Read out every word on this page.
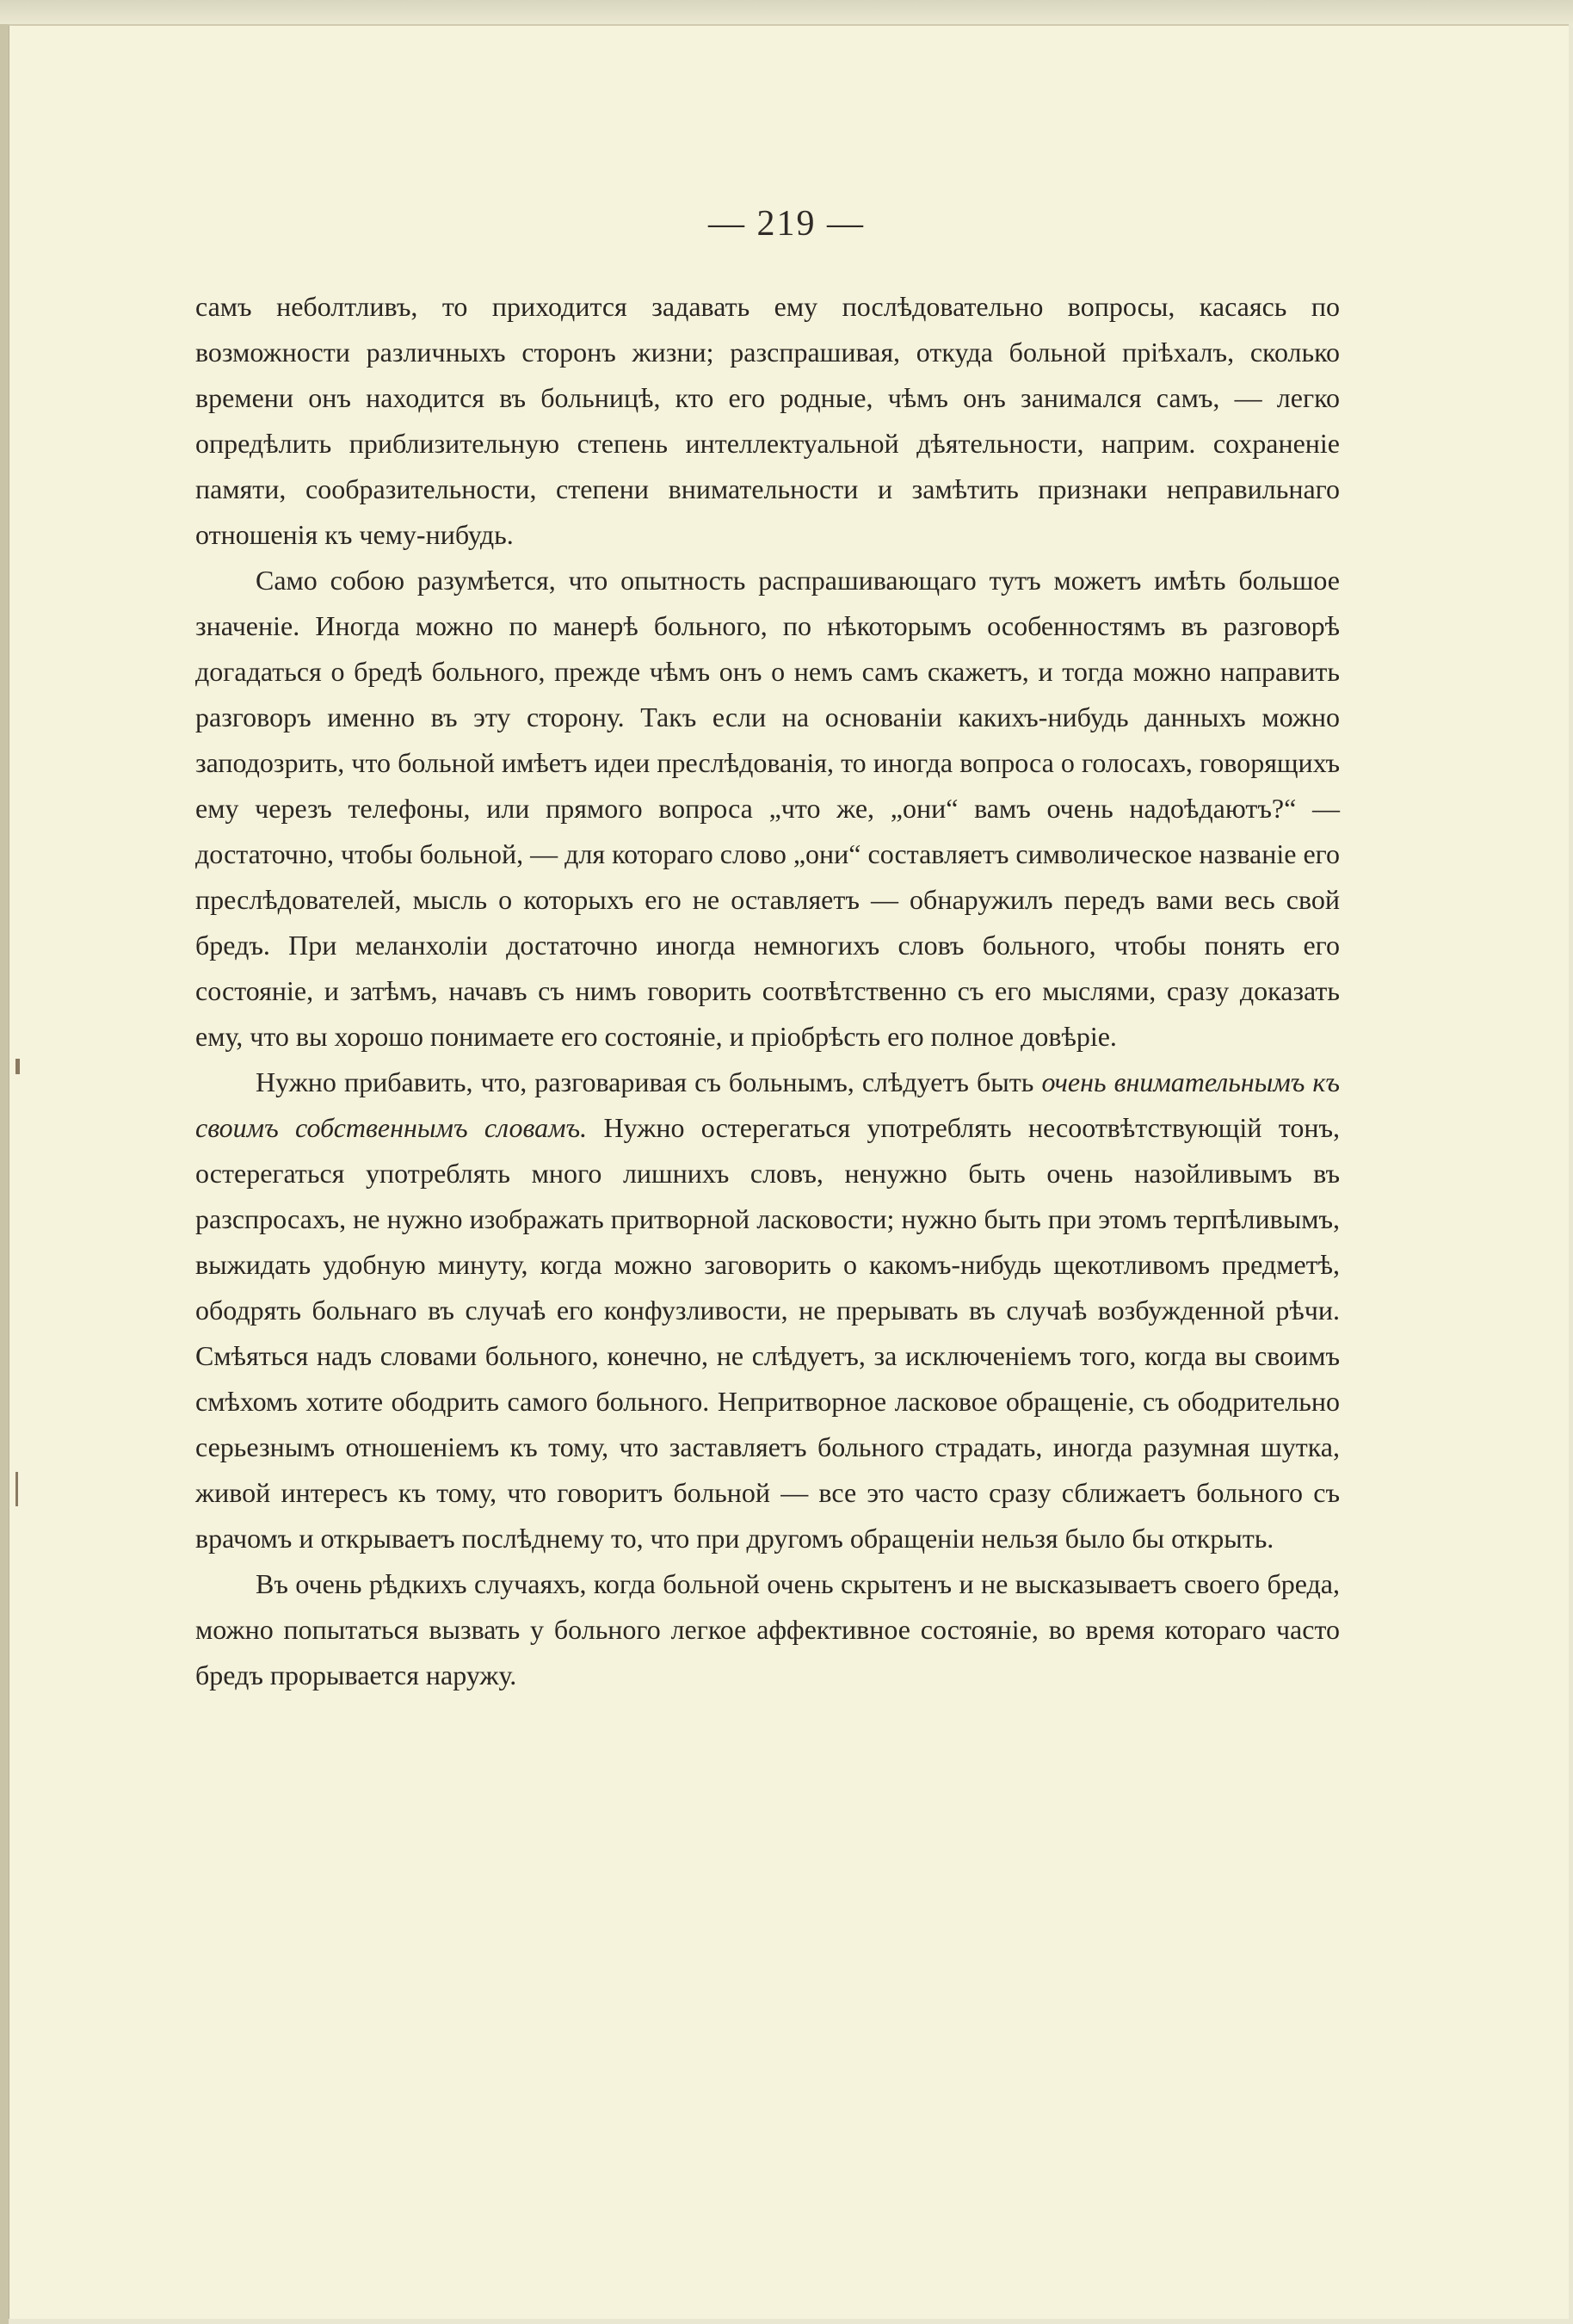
— 219 —

самъ неболтливъ, то приходится задавать ему послѣдовательно вопросы, касаясь по возможности различныхъ сторонъ жизни; разспрашивая, откуда больной пріѣхалъ, сколько времени онъ находится въ больницѣ, кто его родные, чѣмъ онъ занимался самъ, — легко опредѣлить приблизительную степень интеллектуальной дѣятельности, наприм. сохраненіе памяти, сообразительности, степени внимательности и замѣтить признаки неправильнаго отношенія къ чему-нибудь.

Само собою разумѣется, что опытность распрашивающаго тутъ можетъ имѣть большое значеніе. Иногда можно по манерѣ больного, по нѣкоторымъ особенностямъ въ разговорѣ догадаться о бредѣ больного, прежде чѣмъ онъ о немъ самъ скажетъ, и тогда можно направить разговоръ именно въ эту сторону. Такъ если на основаніи какихъ-нибудь данныхъ можно заподозрить, что больной имѣетъ идеи преслѣдованія, то иногда вопроса о голосахъ, говорящихъ ему черезъ телефоны, или прямого вопроса „что же, „они“ вамъ очень надоѣдаютъ?“ — достаточно, чтобы больной, — для котораго слово „они“ составляетъ символическое названіе его преслѣдователей, мысль о которыхъ его не оставляетъ — обнаружилъ передъ вами весь свой бредъ. При меланхоліи достаточно иногда немногихъ словъ больного, чтобы понять его состояніе, и затѣмъ, начавъ съ нимъ говорить соотвѣтственно съ его мыслями, сразу доказать ему, что вы хорошо понимаете его состояніе, и пріобрѣсть его полное довѣріе.

Нужно прибавить, что, разговаривая съ больнымъ, слѣдуетъ быть очень внимательнымъ къ своимъ собственнымъ словамъ. Нужно остерегаться употреблять несоотвѣтствующій тонъ, остерегаться употреблять много лишнихъ словъ, ненужно быть очень назойливымъ въ разспросахъ, не нужно изображать притворной ласковости; нужно быть при этомъ терпѣливымъ, выжидать удобную минуту, когда можно заговорить о какомъ-нибудь щекотливомъ предметѣ, ободрять больнаго въ случаѣ его конфузливости, не прерывать въ случаѣ возбужденной рѣчи. Смѣяться надъ словами больного, конечно, не слѣдуетъ, за исключеніемъ того, когда вы своимъ смѣхомъ хотите ободрить самого больного. Непритворное ласковое обращеніе, съ ободрительно серьезнымъ отношеніемъ къ тому, что заставляетъ больного страдать, иногда разумная шутка, живой интересъ къ тому, что говоритъ больной — все это часто сразу сближаетъ больного съ врачомъ и открываетъ послѣднему то, что при другомъ обращеніи нельзя было бы открыть.

Въ очень рѣдкихъ случаяхъ, когда больной очень скрытенъ и не высказываетъ своего бреда, можно попытаться вызвать у больного легкое аффективное состояніе, во время котораго часто бредъ прорывается наружу.
